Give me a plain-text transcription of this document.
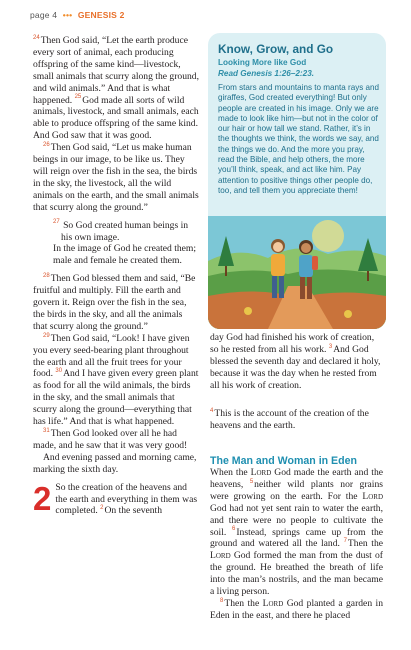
page 4 ••• GENESIS 2

$^{24}$Then God said, “Let the earth produce every sort of animal, each producing offspring of the same kind—livestock, small animals that scurry along the ground, and wild animals.” And that is what happened. $^{25}$God made all sorts of wild animals, livestock, and small animals, each able to produce offspring of the same kind. And God saw that it was good.

$^{26}$Then God said, “Let us make human beings in our image, to be like us. They will reign over the fish in the sea, the birds in the sky, the livestock, all the wild animals on the earth, and the small animals that scurry along the ground.”

$^{27}$ So God created human beings in his own image.
In the image of God he created them;
male and female he created them.

$^{28}$Then God blessed them and said, “Be fruitful and multiply. Fill the earth and govern it. Reign over the fish in the sea, the birds in the sky, and all the animals that scurry along the ground.”

$^{29}$Then God said, “Look! I have given you every seed-bearing plant throughout the earth and all the fruit trees for your food. $^{30}$And I have given every green plant as food for all the wild animals, the birds in the sky, and the small animals that scurry along the ground—everything that has life.” And that is what happened.

$^{31}$Then God looked over all he had made, and he saw that it was very good!

And evening passed and morning came, marking the sixth day.

2 So the creation of the heavens and the earth and everything in them was completed. $^2$On the seventh

Know, Grow, and Go
Looking More like God
Read Genesis 1:26–2:23.
From stars and mountains to manta rays and giraffes, God created everything! But only people are created in his image. Only we are made to look like him—but not in the color of our hair or how tall we stand. Rather, it’s in the thoughts we think, the words we say, and the things we do. And the more you pray, read the Bible, and help others, the more you’ll think, speak, and act like him. Pay attention to positive things other people do, too, and tell them you appreciate them!

day God had finished his work of creation, so he rested from all his work. $^3$And God blessed the seventh day and declared it holy, because it was the day when he rested from all his work of creation.

$^4$This is the account of the creation of the heavens and the earth.

The Man and Woman in Eden

When the Lord God made the earth and the heavens, $^5$neither wild plants nor grains were growing on the earth. For the Lord God had not yet sent rain to water the earth, and there were no people to cultivate the soil. $^6$Instead, springs came up from the ground and watered all the land. $^7$Then the Lord God formed the man from the dust of the ground. He breathed the breath of life into the man’s nostrils, and the man became a living person.

$^8$Then the Lord God planted a garden in Eden in the east, and there he placed
